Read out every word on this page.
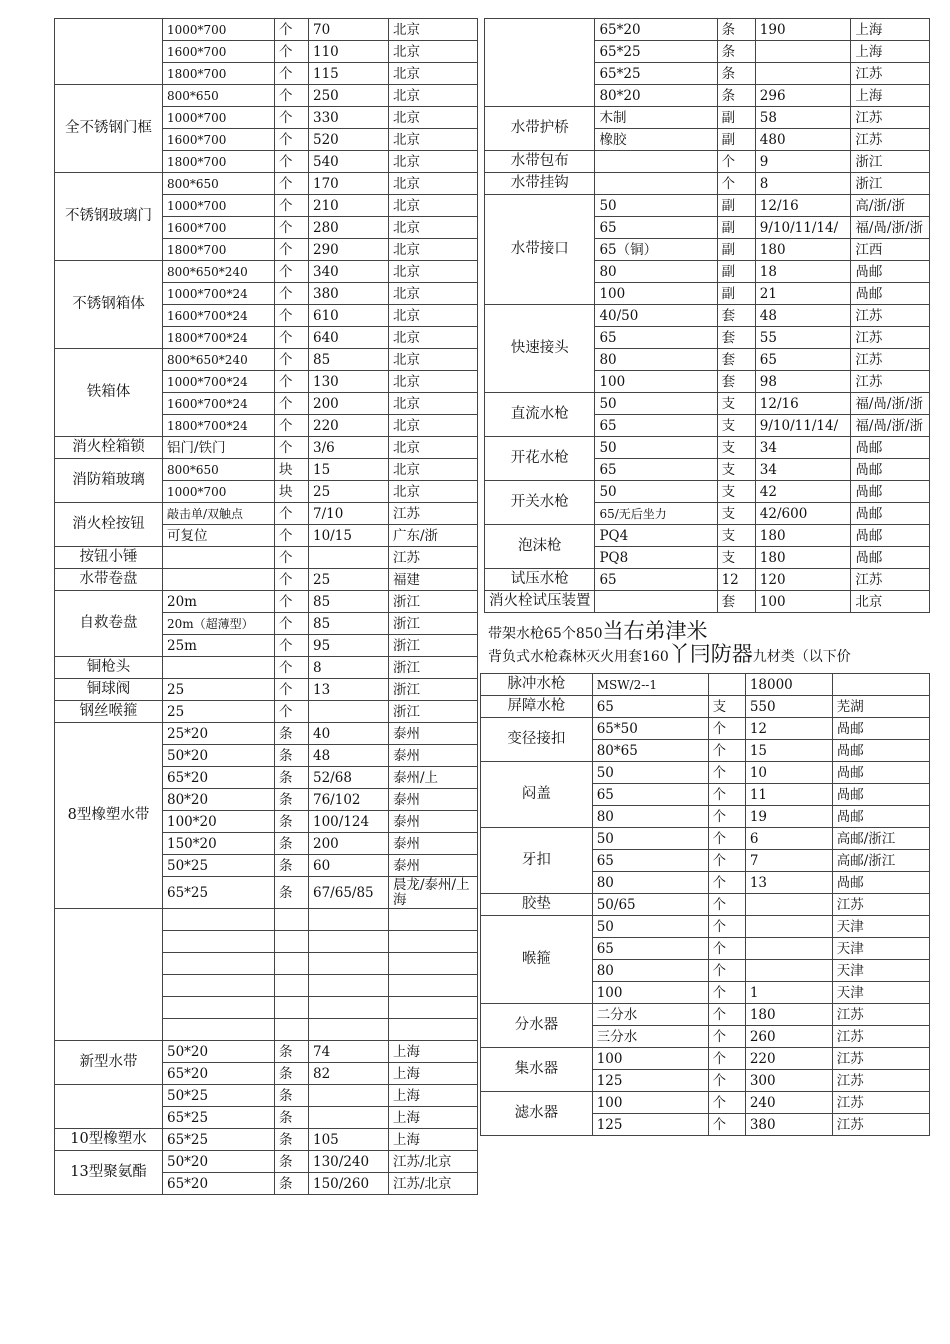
	1000*700	个	70	北京
	1600*700	个	110	北京
	1800*700	个	115	北京
全不锈钢门框	800*650	个	250	北京
	1000*700	个	330	北京
	1600*700	个	520	北京
	1800*700	个	540	北京
不锈钢玻璃门	800*650	个	170	北京
	1000*700	个	210	北京
	1600*700	个	280	北京
	1800*700	个	290	北京
不锈钢箱体	800*650*240	个	340	北京
	1000*700*24	个	380	北京
	1600*700*24	个	610	北京
	1800*700*24	个	640	北京
铁箱体	800*650*240	个	85	北京
	1000*700*24	个	130	北京
	1600*700*24	个	200	北京
	1800*700*24	个	220	北京
消火栓箱锁	铝门/铁门	个	3/6	北京
消防箱玻璃	800*650	块	15	北京
	1000*700	块	25	北京
消火栓按钮	敲击单/双触点	个	7/10	江苏
	可复位	个	10/15	广东/浙
按钮小锤		个		江苏
水带卷盘		个	25	福建
自救卷盘	20m	个	85	浙江
	20m（超薄型）	个	85	浙江
	25m	个	95	浙江
铜枪头		个	8	浙江
铜球阀	25	个	13	浙江
钢丝喉箍	25	个		浙江
8型橡塑水带	25*20	条	40	泰州
	50*20	条	48	泰州
	65*20	条	52/68	泰州/上
	80*20	条	76/102	泰州
	100*20	条	100/124	泰州
	150*20	条	200	泰州
	50*25	条	60	泰州
	65*25	条	67/65/85	晨龙/泰州/上海

新型水带	50*20	条	74	上海
	65*20	条	82	上海
	50*25	条		上海
	65*25	条		上海
10型橡塑水	65*25	条	105	上海
13型聚氨酯	50*20	条	130/240	江苏/北京
	65*20	条	150/260	江苏/北京
	65*20	条	190	上海
	65*25	条		上海
	65*25	条		江苏
	80*20	条	296	上海
水带护桥	木制	副	58	江苏
	橡胶	副	480	江苏
水带包布		个	9	浙江
水带挂钩		个	8	浙江
水带接口	50	副	12/16	高/浙/浙
	65	副	9/10/11/14/	福/咼/浙/浙
	65（铜）	副	180	江西
	80	副	18	咼邮
	100	副	21	咼邮
快速接头	40/50	套	48	江苏
	65	套	55	江苏
	80	套	65	江苏
	100	套	98	江苏
直流水枪	50	支	12/16	福/咼/浙/浙
	65	支	9/10/11/14/	福/咼/浙/浙
开花水枪	50	支	34	咼邮
	65	支	34	咼邮
开关水枪	50	支	42	咼邮
	65/无后坐力	支	42/600	咼邮
泡沫枪	PQ4	支	180	咼邮
	PQ8	支	180	咼邮
试压水枪	65	12	120	江苏
消火栓试压装置		套	100	北京
带架水枪65个850当右弟津米
背负式水枪森林灭火用套160丫冃防器九材类（以下价
脉冲水枪	MSW/2--1		18000	
屏障水枪	65	支	550	芜湖
变径接扣	65*50	个	12	咼邮
	80*65	个	15	咼邮
闷盖	50	个	10	咼邮
	65	个	11	咼邮
	80	个	19	咼邮
牙扣	50	个	6	高邮/浙江
	65	个	7	高邮/浙江
	80	个	13	咼邮
胶垫	50/65	个		江苏
喉箍	50	个		天津
	65	个		天津
	80	个		天津
	100	个	1	天津
分水器	二分水	个	180	江苏
	三分水	个	260	江苏
集水器	100	个	220	江苏
	125	个	300	江苏
滤水器	100	个	240	江苏
	125	个	380	江苏
